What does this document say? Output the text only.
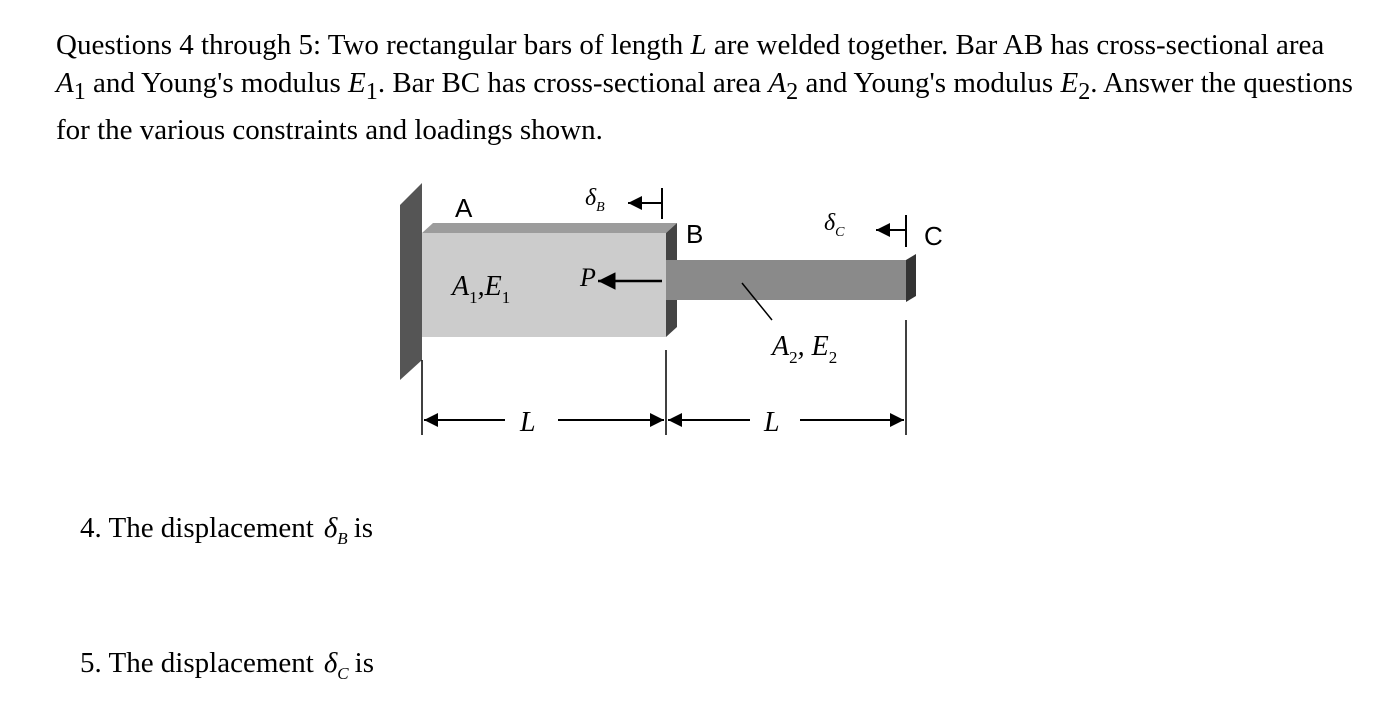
Questions 4 through 5: Two rectangular bars of length L are welded together. Bar AB has cross-sectional area $A_1$ and Young's modulus $E_1$. Bar BC has cross-sectional area $A_2$ and Young's modulus $E_2$. Answer the questions for the various constraints and loadings shown.
A
B	C
$\delta_B$
$\delta_C$
P
$A_1,E_1$
$A_2$, $E_2$
L	L
4. The displacement $\delta_B$ is
5. The displacement $\delta_C$ is
